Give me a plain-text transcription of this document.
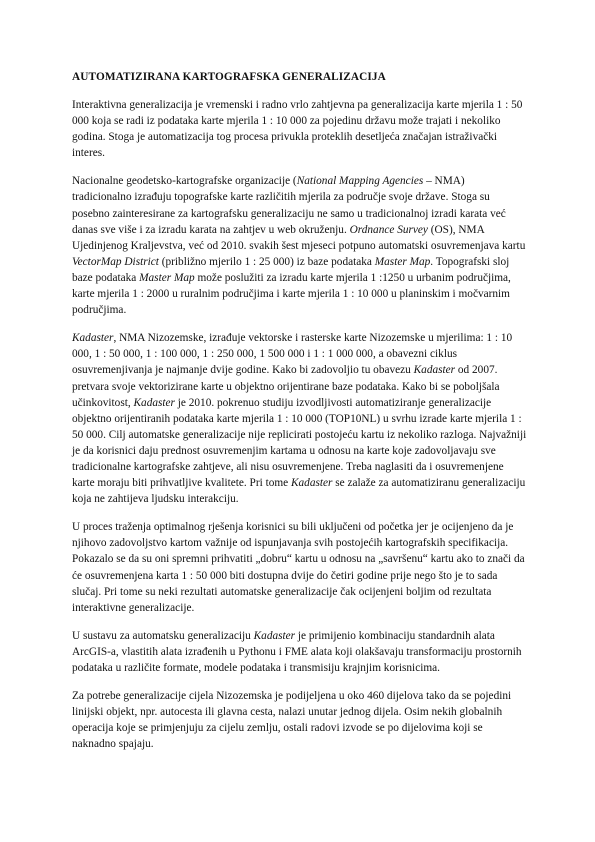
AUTOMATIZIRANA KARTOGRAFSKA GENERALIZACIJA

Interaktivna generalizacija je vremenski i radno vrlo zahtjevna pa generalizacija karte mjerila 1 : 50 000 koja se radi iz podataka karte mjerila 1 : 10 000 za pojedinu državu može trajati i nekoliko godina. Stoga je automatizacija tog procesa privukla proteklih desetljeća značajan istraživački interes.

Nacionalne geodetsko-kartografske organizacije (National Mapping Agencies – NMA) tradicionalno izrađuju topografske karte različitih mjerila za područje svoje države. Stoga su posebno zainteresirane za kartografsku generalizaciju ne samo u tradicionalnoj izradi karata već danas sve više i za izradu karata na zahtjev u web okruženju. Ordnance Survey (OS), NMA Ujedinjenog Kraljevstva, već od 2010. svakih šest mjeseci potpuno automatski osuvremenjava kartu VectorMap District (približno mjerilo 1 : 25 000) iz baze podataka Master Map. Topografski sloj baze podataka Master Map može poslužiti za izradu karte mjerila 1 :1250 u urbanim područjima, karte mjerila 1 : 2000 u ruralnim područjima i karte mjerila 1 : 10 000 u planinskim i močvarnim područjima.

Kadaster, NMA Nizozemske, izrađuje vektorske i rasterske karte Nizozemske u mjerilima: 1 : 10 000, 1 : 50 000, 1 : 100 000, 1 : 250 000, 1 500 000 i 1 : 1 000 000, a obavezni ciklus osuvremenjivanja je najmanje dvije godine. Kako bi zadovoljio tu obavezu Kadaster od 2007. pretvara svoje vektorizirane karte u objektno orijentirane baze podataka. Kako bi se poboljšala učinkovitost, Kadaster je 2010. pokrenuo studiju izvodljivosti automatiziranje generalizacije objektno orijentiranih podataka karte mjerila 1 : 10 000 (TOP10NL) u svrhu izrade karte mjerila 1 : 50 000. Cilj automatske generalizacije nije replicirati postojeću kartu iz nekoliko razloga. Najvažniji je da korisnici daju prednost osuvremenjim kartama u odnosu na karte koje zadovoljavaju sve tradicionalne kartografske zahtjeve, ali nisu osuvremenjene. Treba naglasiti da i osuvremenjene karte moraju biti prihvatljive kvalitete. Pri tome Kadaster se zalaže za automatiziranu generalizaciju koja ne zahtijeva ljudsku interakciju.

U proces traženja optimalnog rješenja korisnici su bili uključeni od početka jer je ocijenjeno da je njihovo zadovoljstvo kartom važnije od ispunjavanja svih postojećih kartografskih specifikacija. Pokazalo se da su oni spremni prihvatiti „dobru“ kartu u odnosu na „savršenu“ kartu ako to znači da će osuvremenjena karta 1 : 50 000 biti dostupna dvije do četiri godine prije nego što je to sada slučaj. Pri tome su neki rezultati automatske generalizacije čak ocijenjeni boljim od rezultata interaktivne generalizacije.

U sustavu za automatsku generalizaciju Kadaster je primijenio kombinaciju standardnih alata ArcGIS-a, vlastitih alata izrađenih u Pythonu i FME alata koji olakšavaju transformaciju prostornih podataka u različite formate, modele podataka i transmisiju krajnjim korisnicima.

Za potrebe generalizacije cijela Nizozemska je podijeljena u oko 460 dijelova tako da se pojedini linijski objekt, npr. autocesta ili glavna cesta, nalazi unutar jednog dijela. Osim nekih globalnih operacija koje se primjenjuju za cijelu zemlju, ostali radovi izvode se po dijelovima koji se naknadno spajaju.
